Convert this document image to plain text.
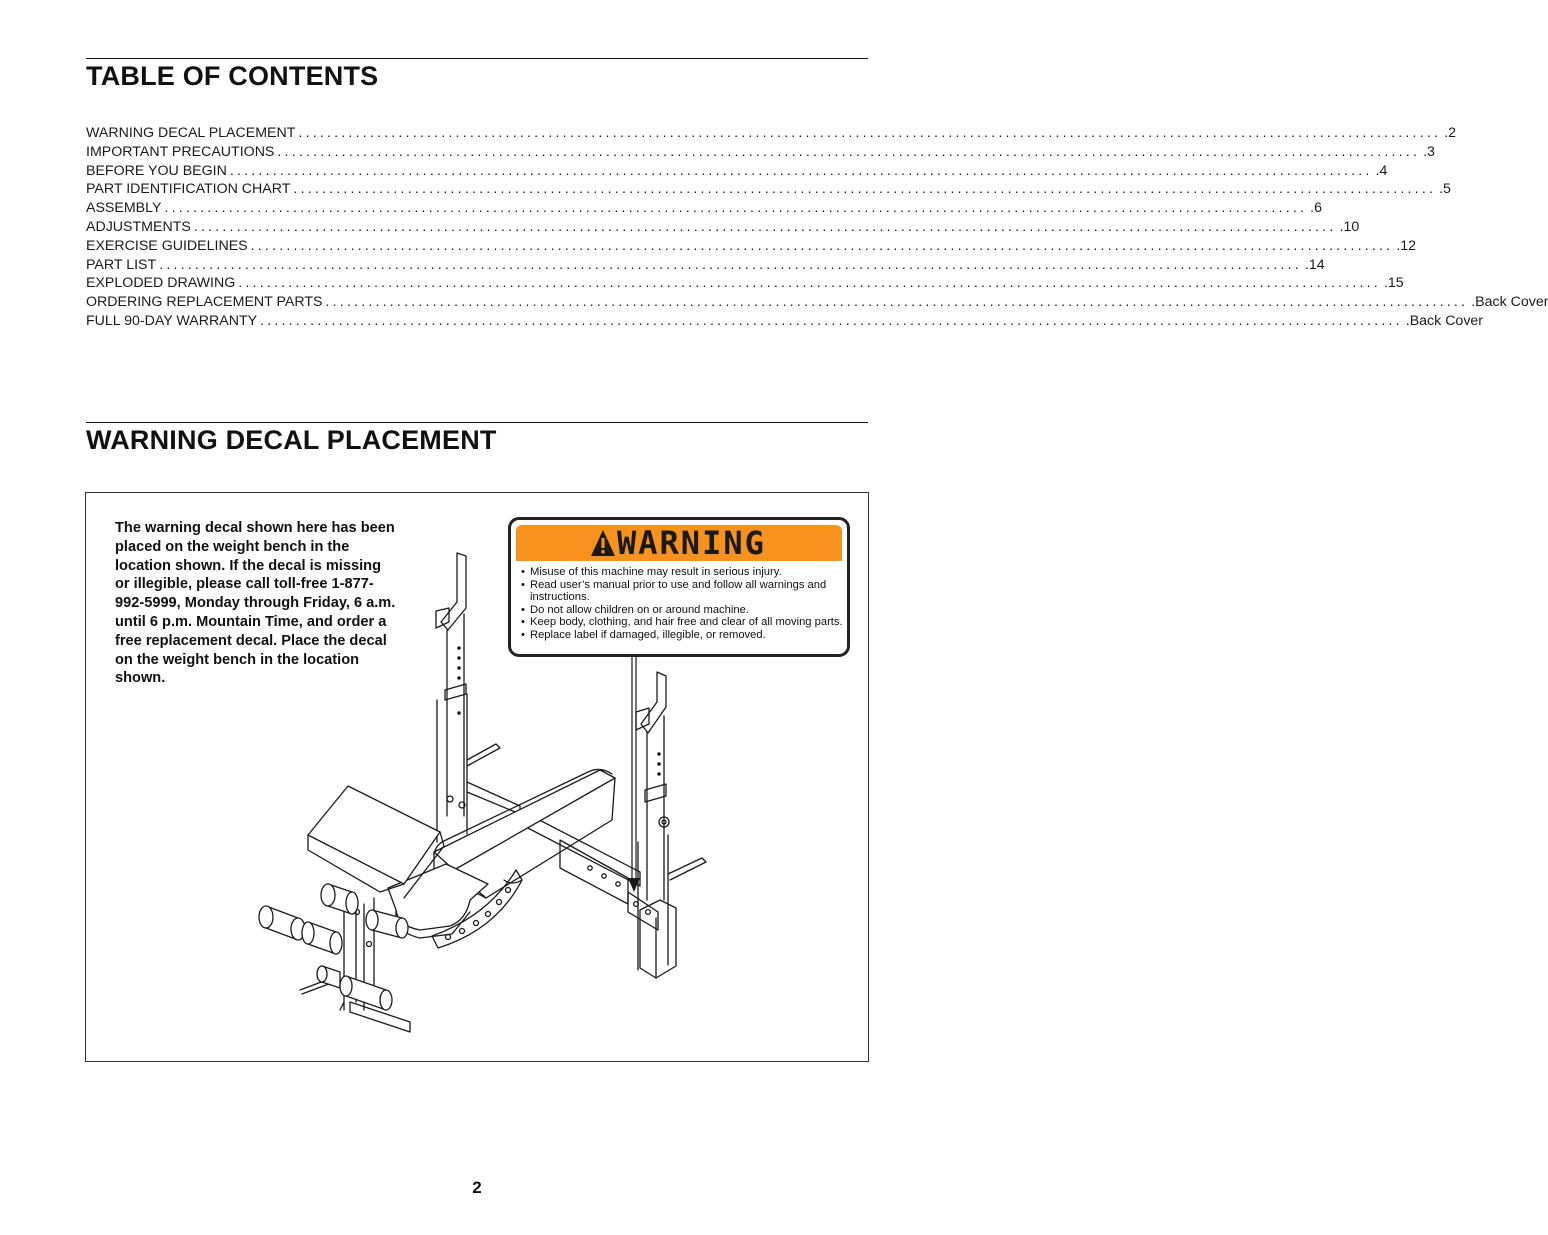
TABLE OF CONTENTS
WARNING DECAL PLACEMENT ................................................................................................................................................................ .2
IMPORTANT PRECAUTIONS ................................................................................................................................................................ .3
BEFORE YOU BEGIN ................................................................................................................................................................ .4
PART IDENTIFICATION CHART ................................................................................................................................................................ .5
ASSEMBLY ................................................................................................................................................................ .6
ADJUSTMENTS ................................................................................................................................................................ .10
EXERCISE GUIDELINES ................................................................................................................................................................ .12
PART LIST ................................................................................................................................................................ .14
EXPLODED DRAWING ................................................................................................................................................................ .15
ORDERING REPLACEMENT PARTS ................................................................................................................................................................ .Back Cover
FULL 90-DAY WARRANTY ................................................................................................................................................................ .Back Cover
WARNING DECAL PLACEMENT

The warning decal shown here has been placed on the weight bench in the location shown. If the decal is missing or illegible, please call toll-free 1-877-992-5999, Monday through Friday, 6 a.m. until 6 p.m. Mountain Time, and order a free replacement decal. Place the decal on the weight bench in the location shown.

WARNING
• Misuse of this machine may result in serious injury.
• Read user’s manual prior to use and follow all warnings and instructions.
• Do not allow children on or around machine.
• Keep body, clothing, and hair free and clear of all moving parts.
• Replace label if damaged, illegible, or removed.
2
